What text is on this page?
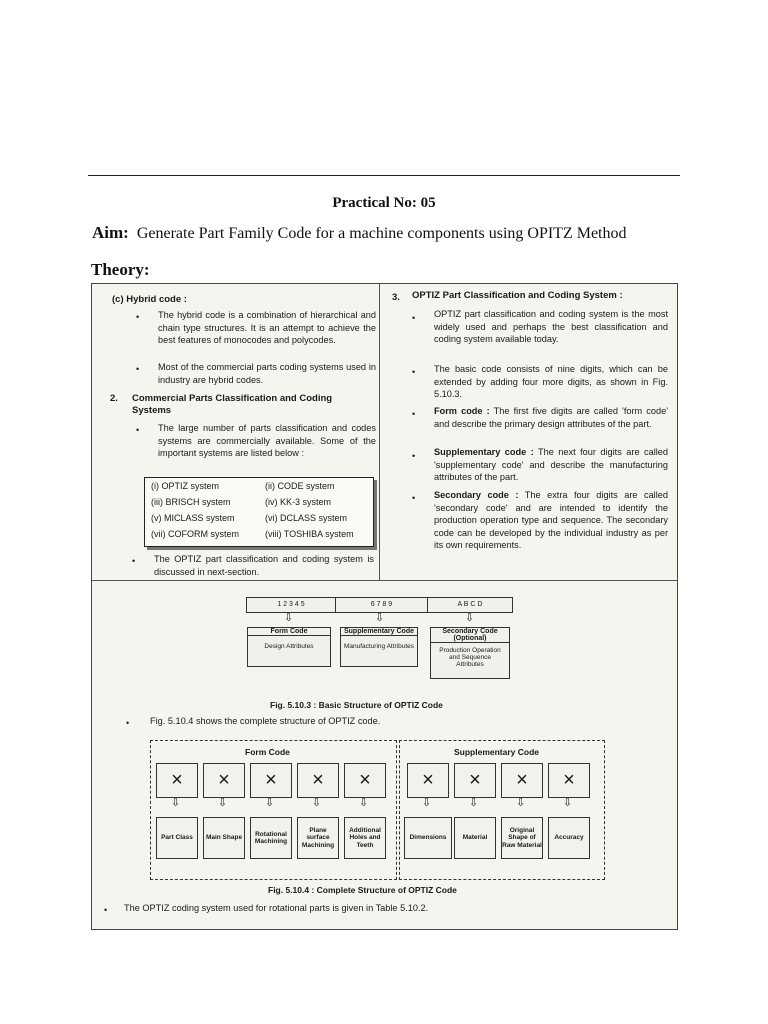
Practical No: 05
Aim: Generate Part Family Code for a machine components using OPITZ Method
Theory:
(c) Hybrid code :
• The hybrid code is a combination of hierarchical and chain type structures. It is an attempt to achieve the best features of monocodes and polycodes.
• Most of the commercial parts coding systems used in industry are hybrid codes.
2. Commercial Parts Classification and Coding Systems
• The large number of parts classification and codes systems are commercially available. Some of the important systems are listed below :
(i) OPTIZ system	(ii) CODE system
(iii) BRISCH system	(iv) KK-3 system
(v) MICLASS system	(vi) DCLASS system
(vii) COFORM system	(viii) TOSHIBA system
• The OPTIZ part classification and coding system is discussed in next-section.
3. OPTIZ Part Classification and Coding System :
• OPTIZ part classification and coding system is the most widely used and perhaps the best classification and coding system available today.
• The basic code consists of nine digits, which can be extended by adding four more digits, as shown in Fig. 5.10.3.
• Form code : The first five digits are called 'form code' and describe the primary design attributes of the part.
• Supplementary code : The next four digits are called 'supplementary code' and describe the manufacturing attributes of the part.
• Secondary code : The extra four digits are called 'secondary code' and are intended to identify the production operation type and sequence. The secondary code can be developed by the individual industry as per its own requirements.
1 2 3 4 5	6 7 8 9	A B C D
⇩	⇩	⇩
Form Code
Design Attributes
Supplementary Code
Manufacturing Attributes
Secondary Code (Optional)
Production Operation and Sequence Attributes
Fig. 5.10.3 : Basic Structure of OPTIZ Code
• Fig. 5.10.4 shows the complete structure of OPTIZ code.
Form Code	Supplementary Code
×	×	×	×	×	×	×	×	×
⇩	⇩	⇩	⇩	⇩	⇩	⇩	⇩	⇩
Part Class	Main Shape
Rotational Machining
Plane surface Machining
Additional Holes and Teeth
Dimensions	Material
Original Shape of Raw Material
Accuracy
Fig. 5.10.4 : Complete Structure of OPTIZ Code
• The OPTIZ coding system used for rotational parts is given in Table 5.10.2.
